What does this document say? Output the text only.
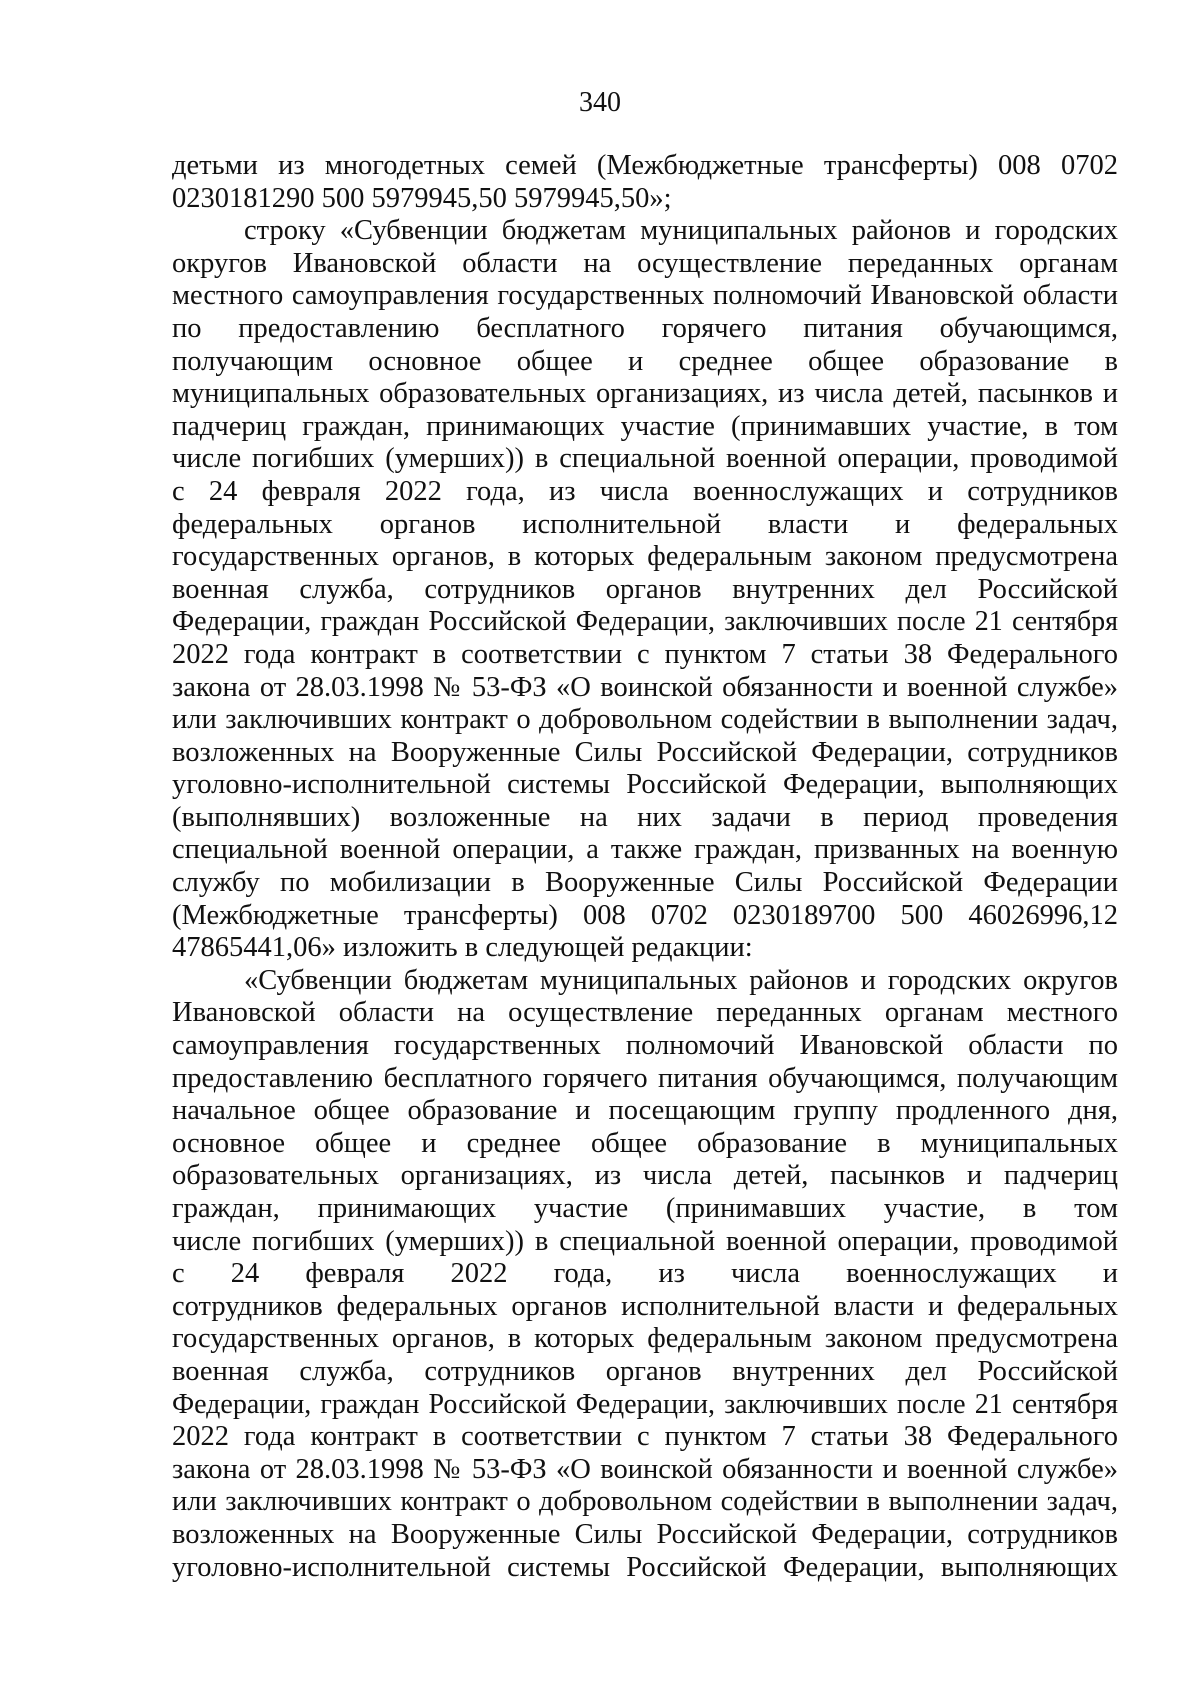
340
детьми из многодетных семей (Межбюджетные трансферты) 008 0702
0230181290 500 5979945,50 5979945,50»;
строку «Субвенции бюджетам муниципальных районов и городских
округов Ивановской области на осуществление переданных органам
местного самоуправления государственных полномочий Ивановской области
по предоставлению бесплатного горячего питания обучающимся,
получающим основное общее и среднее общее образование в
муниципальных образовательных организациях, из числа детей, пасынков и
падчериц граждан, принимающих участие (принимавших участие, в том
числе погибших (умерших)) в специальной военной операции, проводимой
с 24 февраля 2022 года, из числа военнослужащих и сотрудников
федеральных органов исполнительной власти и федеральных
государственных органов, в которых федеральным законом предусмотрена
военная служба, сотрудников органов внутренних дел Российской
Федерации, граждан Российской Федерации, заключивших после 21 сентября
2022 года контракт в соответствии с пунктом 7 статьи 38 Федерального
закона от 28.03.1998 № 53-ФЗ «О воинской обязанности и военной службе»
или заключивших контракт о добровольном содействии в выполнении задач,
возложенных на Вооруженные Силы Российской Федерации, сотрудников
уголовно-исполнительной системы Российской Федерации, выполняющих
(выполнявших) возложенные на них задачи в период проведения
специальной военной операции, а также граждан, призванных на военную
службу по мобилизации в Вооруженные Силы Российской Федерации
(Межбюджетные трансферты) 008 0702 0230189700 500 46026996,12
47865441,06» изложить в следующей редакции:
«Субвенции бюджетам муниципальных районов и городских округов
Ивановской области на осуществление переданных органам местного
самоуправления государственных полномочий Ивановской области по
предоставлению бесплатного горячего питания обучающимся, получающим
начальное общее образование и посещающим группу продленного дня,
основное общее и среднее общее образование в муниципальных
образовательных организациях, из числа детей, пасынков и падчериц
граждан, принимающих участие (принимавших участие, в том
числе погибших (умерших)) в специальной военной операции, проводимой
с 24 февраля 2022 года, из числа военнослужащих и
сотрудников федеральных органов исполнительной власти и федеральных
государственных органов, в которых федеральным законом предусмотрена
военная служба, сотрудников органов внутренних дел Российской
Федерации, граждан Российской Федерации, заключивших после 21 сентября
2022 года контракт в соответствии с пунктом 7 статьи 38 Федерального
закона от 28.03.1998 № 53-ФЗ «О воинской обязанности и военной службе»
или заключивших контракт о добровольном содействии в выполнении задач,
возложенных на Вооруженные Силы Российской Федерации, сотрудников
уголовно-исполнительной системы Российской Федерации, выполняющих
